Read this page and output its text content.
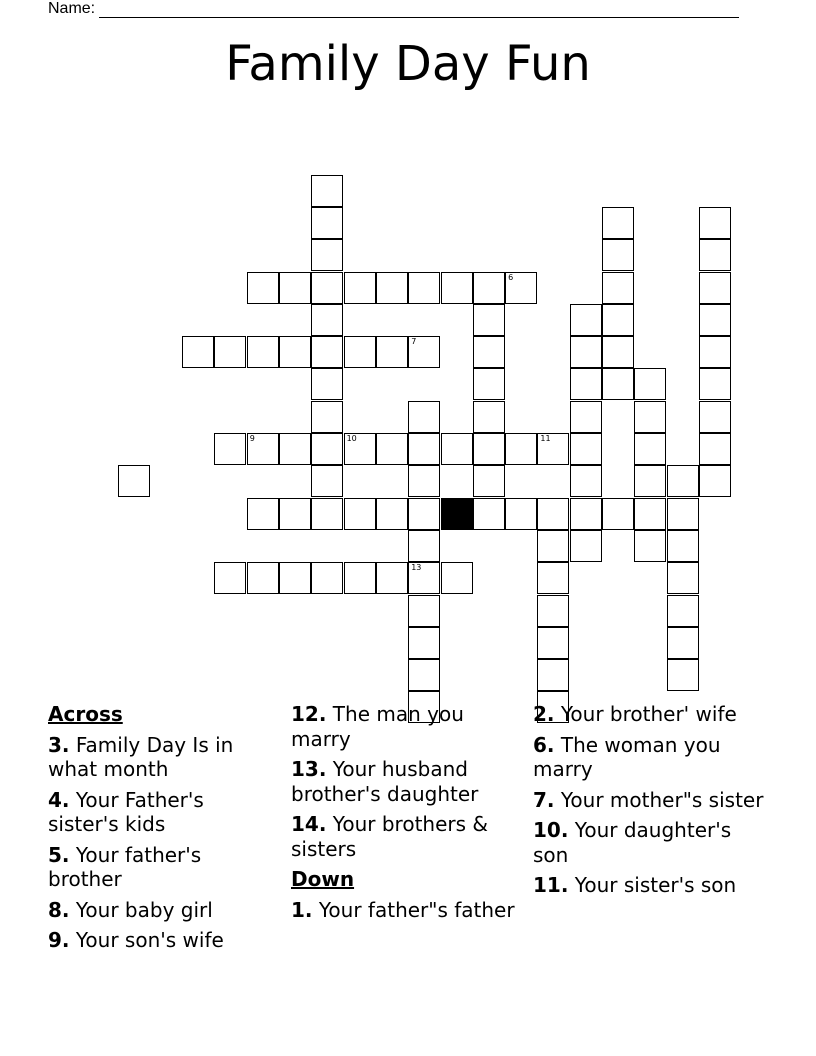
Name:
Family Day Fun
7
6
13
9	10	11
Across
3. Family Day Is in what month
4. Your Father's sister's kids
5. Your father's brother
8. Your baby girl
9. Your son's wife
12. The man you marry
13. Your husband brother's daughter
14. Your brothers & sisters
Down
1. Your father"s father
2. Your brother' wife
6. The woman you marry
7. Your mother"s sister
10. Your daughter's son
11. Your sister's son
